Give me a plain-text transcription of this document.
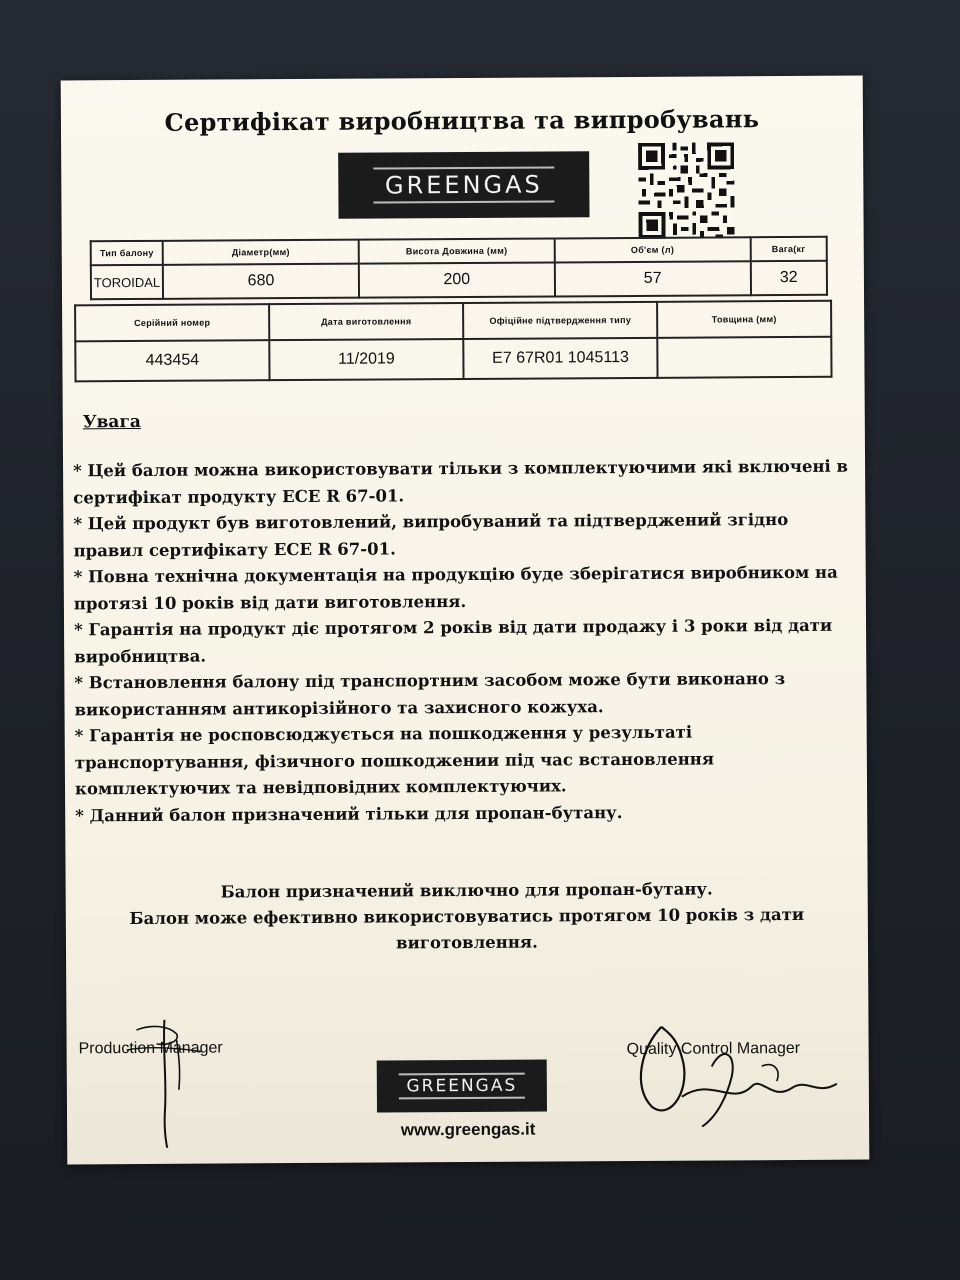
Сертифікат виробництва та випробувань
GREENGAS
Тип балону	Діаметр(мм)	Висота Довжина (мм)	Об'єм (л)	Вага(кг
TOROIDAL	680	200	57	32
Серійний номер	Дата виготовлення	Офіційне підтвердження типу	Товщина (мм)
443454	11/2019	E7 67R01 1045113	
Увага

* Цей балон можна використовувати тільки з комплектуючими які включені в сертифікат продукту ECE R 67-01.

* Цей продукт був виготовлений, випробуваний та підтверджений згідно правил сертифікату ECE R 67-01.

* Повна технічна документація на продукцію буде зберігатися виробником на протязі 10 років від дати виготовлення.

* Гарантія на продукт діє протягом 2 років від дати продажу і 3 роки від дати виробництва.

* Встановлення балону під транспортним засобом може бути виконано з використанням антикорізійного та захисного кожуха.

* Гарантія не росповсюджується на пошкодження у результаті транспортування, фізичного пошкоджении під час встановлення комплектуючих та невідповідних комплектуючих.

* Данний балон призначений тільки для пропан-бутану.

Балон призначений виключно для пропан-бутану.
Балон може ефективно використовуватись протягом 10 років з дати виготовлення.
Production Manager	Quality Control Manager
GREENGAS
www.greengas.it
